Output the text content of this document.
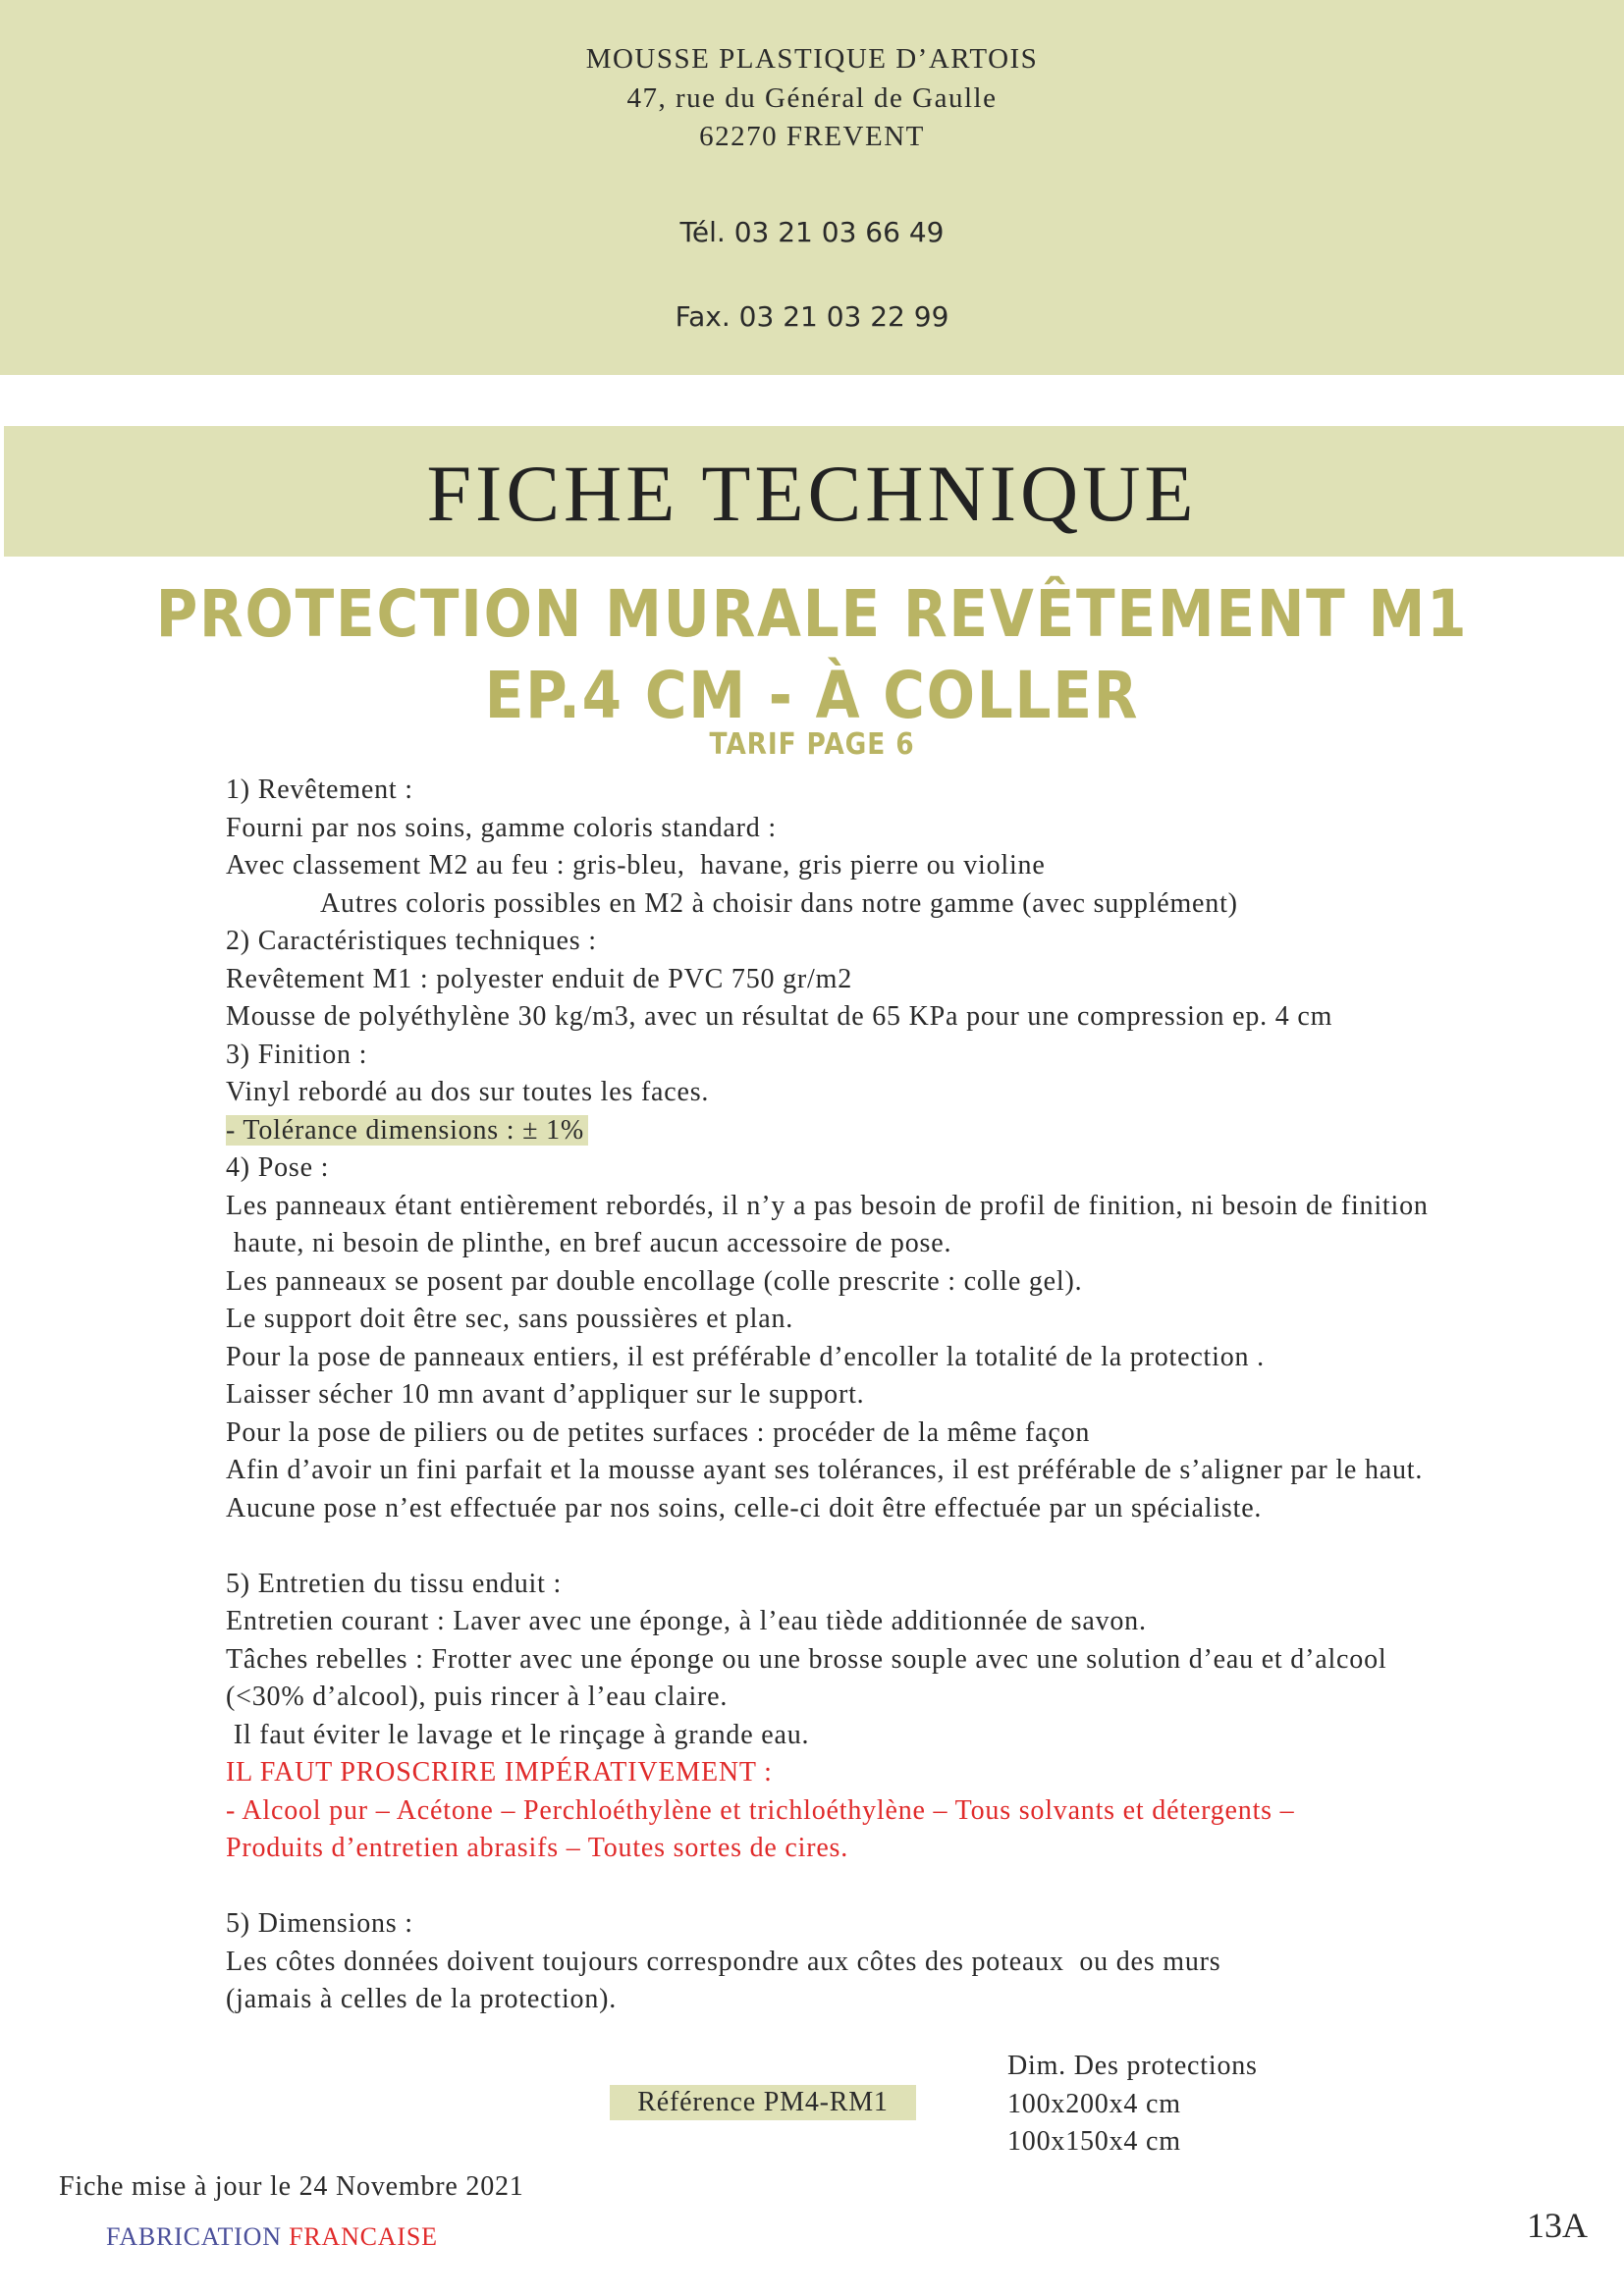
MOUSSE PLASTIQUE D’ARTOIS
47, rue du Général de Gaulle
62270 FREVENT
Tél. 03 21 03 66 49
Fax. 03 21 03 22 99
FICHE TECHNIQUE
PROTECTION MURALE REVÊTEMENT M1
EP.4 CM - À COLLER
TARIF PAGE 6
1) Revêtement :
Fourni par nos soins, gamme coloris standard :
Avec classement M2 au feu : gris-bleu,  havane, gris pierre ou violine
Autres coloris possibles en M2 à choisir dans notre gamme (avec supplément)
2) Caractéristiques techniques :
Revêtement M1 : polyester enduit de PVC 750 gr/m2
Mousse de polyéthylène 30 kg/m3, avec un résultat de 65 KPa pour une compression ep. 4 cm
3) Finition :
Vinyl rebordé au dos sur toutes les faces.
- Tolérance dimensions : ± 1%
4) Pose :
Les panneaux étant entièrement rebordés, il n’y a pas besoin de profil de finition, ni besoin de finition
haute, ni besoin de plinthe, en bref aucun accessoire de pose.
Les panneaux se posent par double encollage (colle prescrite : colle gel).
Le support doit être sec, sans poussières et plan.
Pour la pose de panneaux entiers, il est préférable d’encoller la totalité de la protection .
Laisser sécher 10 mn avant d’appliquer sur le support.
Pour la pose de piliers ou de petites surfaces : procéder de la même façon
Afin d’avoir un fini parfait et la mousse ayant ses tolérances, il est préférable de s’aligner par le haut.
Aucune pose n’est effectuée par nos soins, celle-ci doit être effectuée par un spécialiste.
5) Entretien du tissu enduit :
Entretien courant : Laver avec une éponge, à l’eau tiède additionnée de savon.
Tâches rebelles : Frotter avec une éponge ou une brosse souple avec une solution d’eau et d’alcool
(<30% d’alcool), puis rincer à l’eau claire.
Il faut éviter le lavage et le rinçage à grande eau.
IL FAUT PROSCRIRE IMPÉRATIVEMENT :
- Alcool pur – Acétone – Perchloéthylène et trichloéthylène – Tous solvants et détergents –
Produits d’entretien abrasifs – Toutes sortes de cires.
5) Dimensions :
Les côtes données doivent toujours correspondre aux côtes des poteaux  ou des murs
(jamais à celles de la protection).
Référence PM4-RM1
Dim. Des protections
100x200x4 cm
100x150x4 cm
Fiche mise à jour le 24 Novembre 2021
FABRICATION FRANCAISE	13A
